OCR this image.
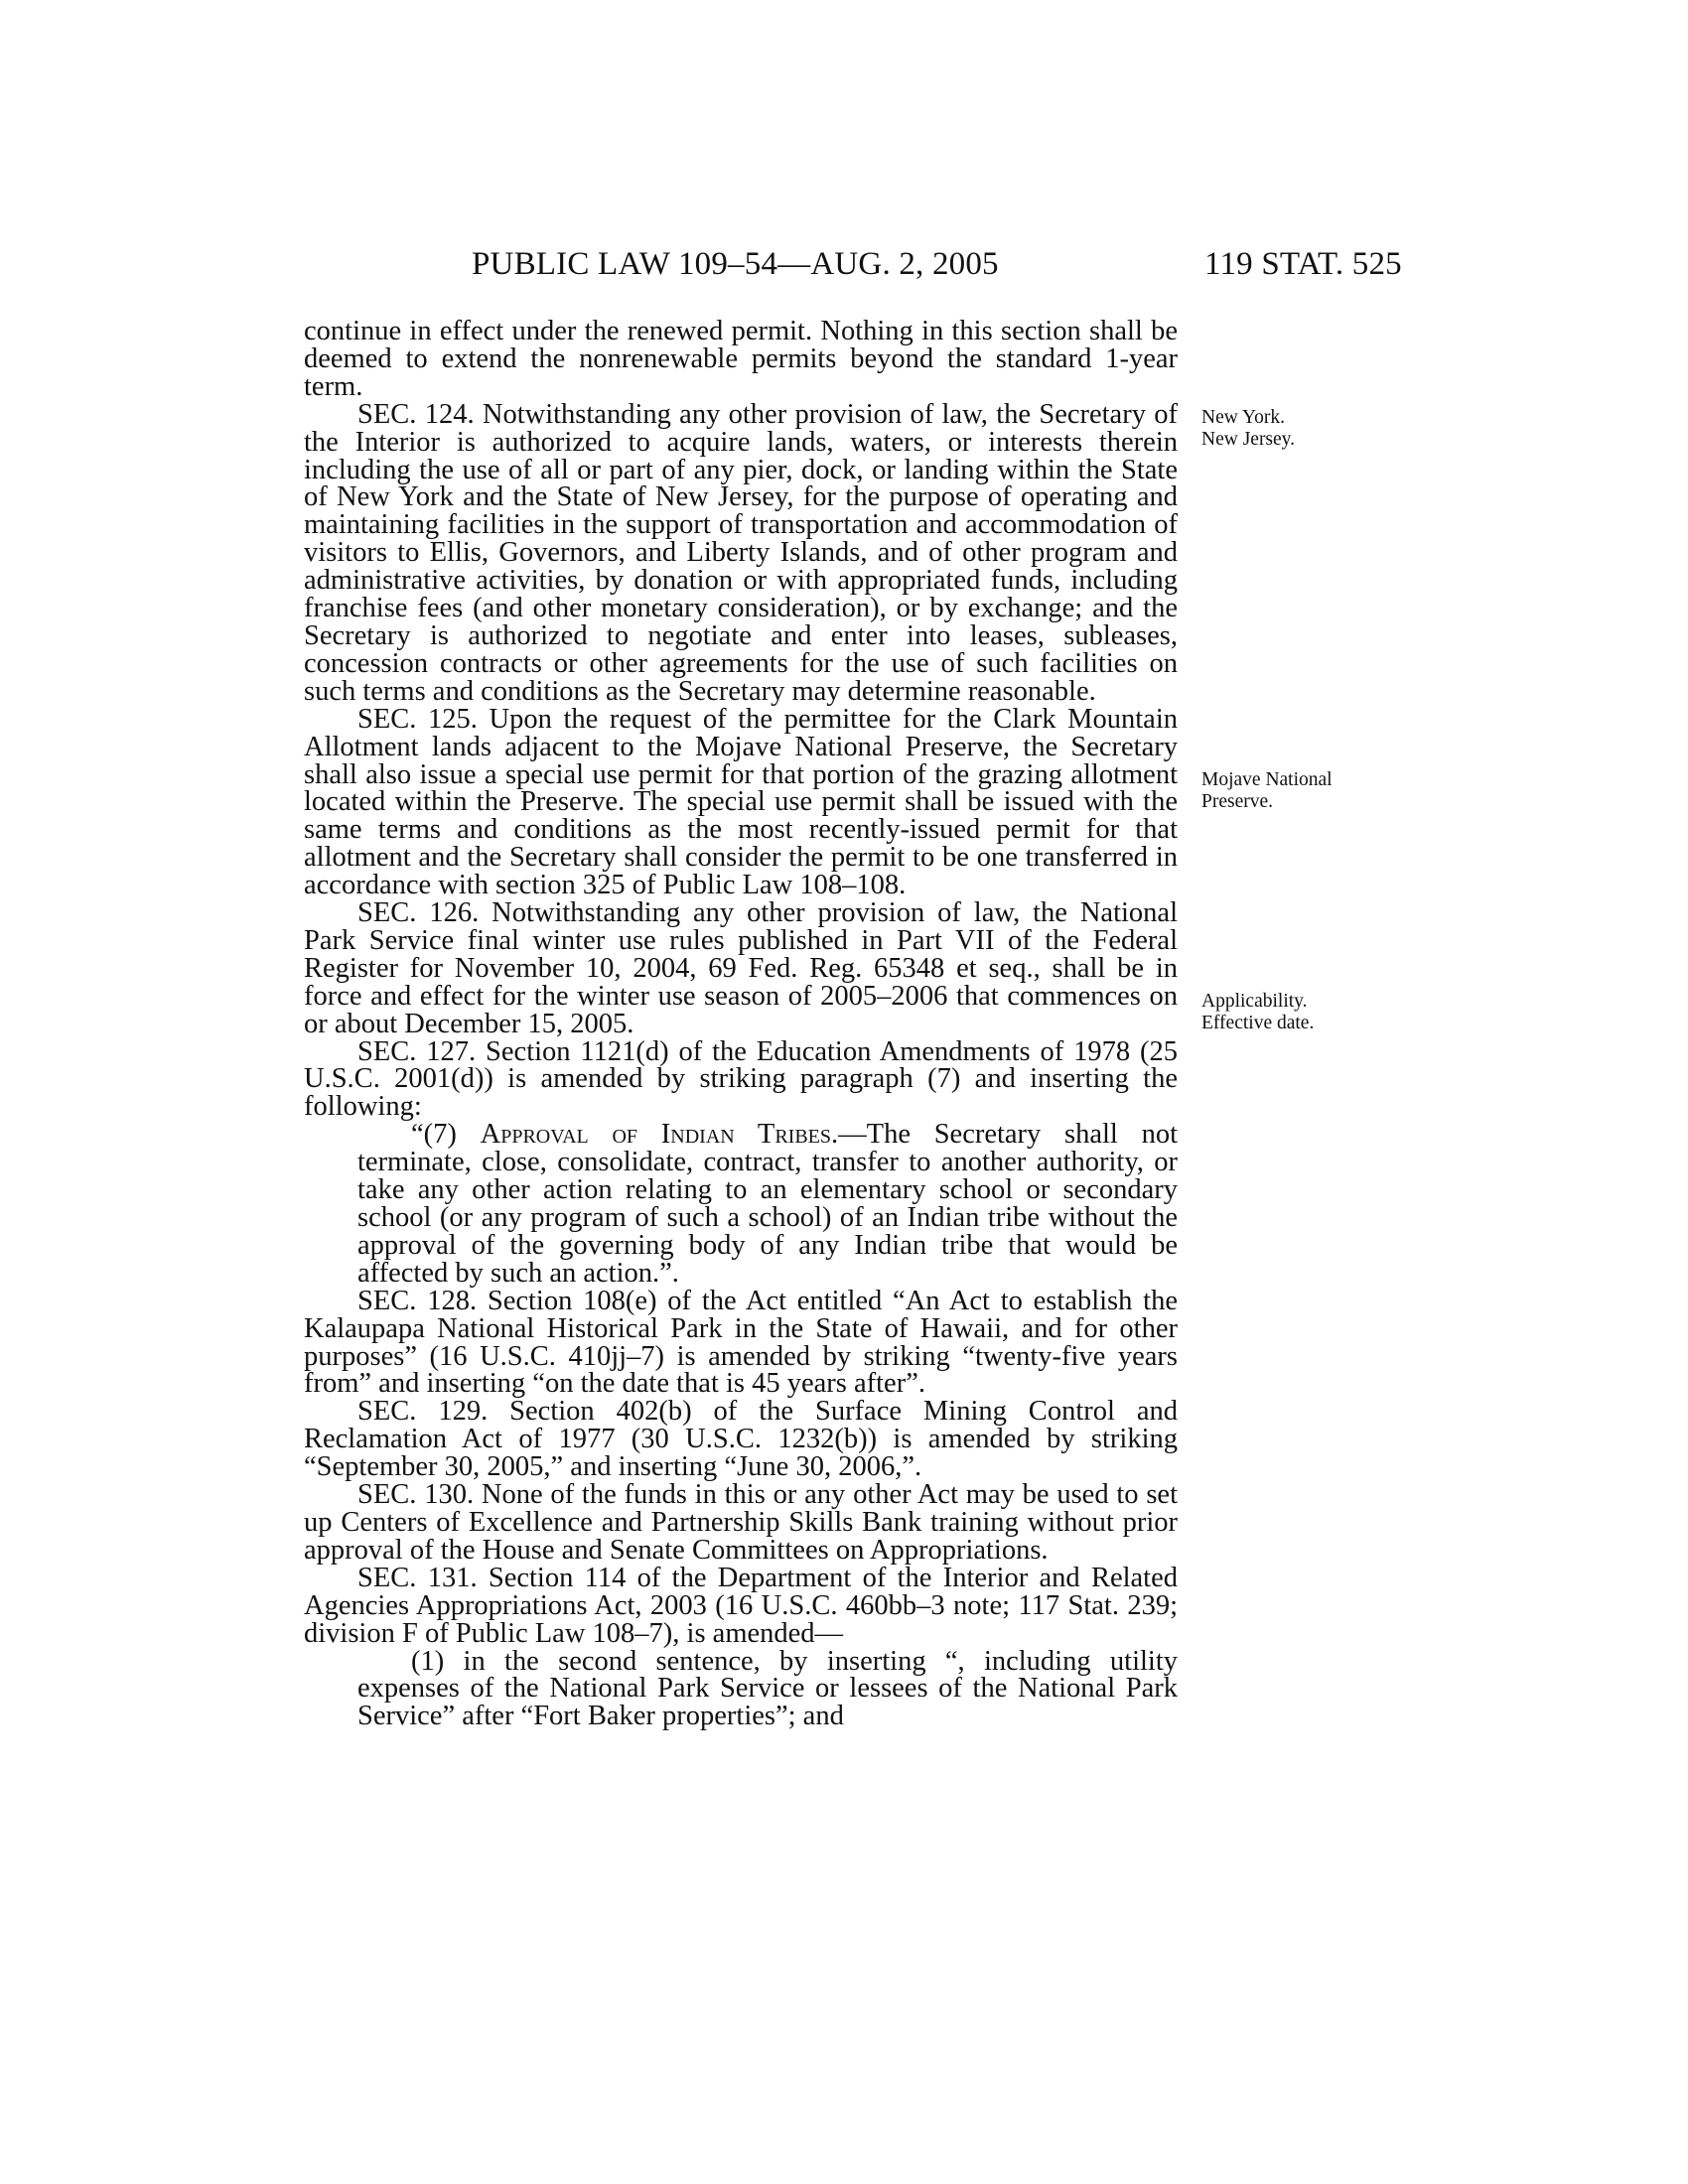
PUBLIC LAW 109–54—AUG. 2, 2005	119 STAT. 525
New York.
New Jersey.
Mojave National
Preserve.
Applicability.
Effective date.

continue in effect under the renewed permit. Nothing in this section shall be deemed to extend the nonrenewable permits beyond the standard 1-year term.

SEC. 124. Notwithstanding any other provision of law, the Secretary of the Interior is authorized to acquire lands, waters, or interests therein including the use of all or part of any pier, dock, or landing within the State of New York and the State of New Jersey, for the purpose of operating and maintaining facilities in the support of transportation and accommodation of visitors to Ellis, Governors, and Liberty Islands, and of other program and administrative activities, by donation or with appropriated funds, including franchise fees (and other monetary consideration), or by exchange; and the Secretary is authorized to negotiate and enter into leases, subleases, concession contracts or other agreements for the use of such facilities on such terms and conditions as the Secretary may determine reasonable.

SEC. 125. Upon the request of the permittee for the Clark Mountain Allotment lands adjacent to the Mojave National Preserve, the Secretary shall also issue a special use permit for that portion of the grazing allotment located within the Preserve. The special use permit shall be issued with the same terms and conditions as the most recently-issued permit for that allotment and the Secretary shall consider the permit to be one transferred in accordance with section 325 of Public Law 108–108.

SEC. 126. Notwithstanding any other provision of law, the National Park Service final winter use rules published in Part VII of the Federal Register for November 10, 2004, 69 Fed. Reg. 65348 et seq., shall be in force and effect for the winter use season of 2005–2006 that commences on or about December 15, 2005.

SEC. 127. Section 1121(d) of the Education Amendments of 1978 (25 U.S.C. 2001(d)) is amended by striking paragraph (7) and inserting the following:

“(7) Approval of Indian Tribes.—The Secretary shall not terminate, close, consolidate, contract, transfer to another authority, or take any other action relating to an elementary school or secondary school (or any program of such a school) of an Indian tribe without the approval of the governing body of any Indian tribe that would be affected by such an action.”.

SEC. 128. Section 108(e) of the Act entitled “An Act to establish the Kalaupapa National Historical Park in the State of Hawaii, and for other purposes” (16 U.S.C. 410jj–7) is amended by striking “twenty-five years from” and inserting “on the date that is 45 years after”.

SEC. 129. Section 402(b) of the Surface Mining Control and Reclamation Act of 1977 (30 U.S.C. 1232(b)) is amended by striking “September 30, 2005,” and inserting “June 30, 2006,”.

SEC. 130. None of the funds in this or any other Act may be used to set up Centers of Excellence and Partnership Skills Bank training without prior approval of the House and Senate Committees on Appropriations.

SEC. 131. Section 114 of the Department of the Interior and Related Agencies Appropriations Act, 2003 (16 U.S.C. 460bb–3 note; 117 Stat. 239; division F of Public Law 108–7), is amended—

(1) in the second sentence, by inserting “, including utility expenses of the National Park Service or lessees of the National Park Service” after “Fort Baker properties”; and
